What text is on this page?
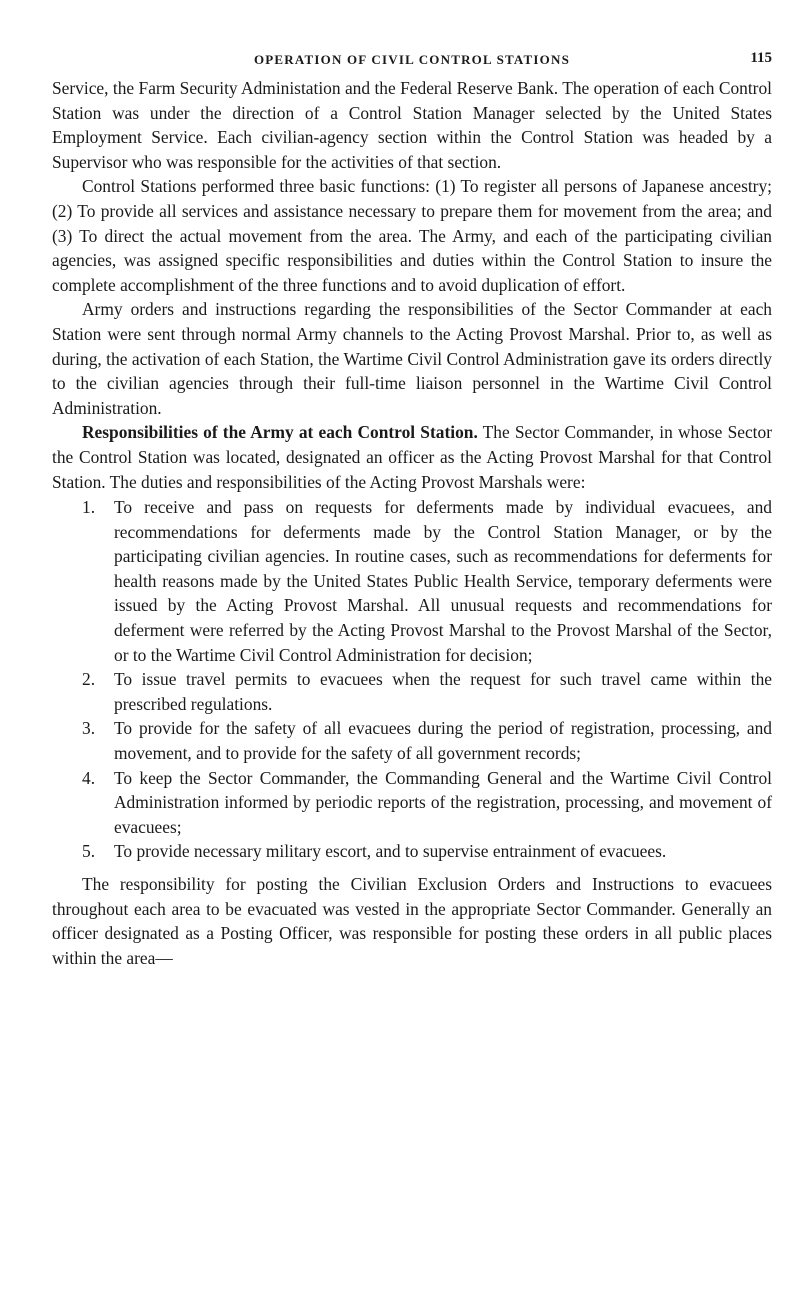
OPERATION OF CIVIL CONTROL STATIONS	115

Service, the Farm Security Administation and the Federal Reserve Bank. The operation of each Control Station was under the direction of a Control Station Manager selected by the United States Employment Service. Each civilian-agency section within the Control Station was headed by a Supervisor who was responsible for the activities of that section.

Control Stations performed three basic functions: (1) To register all persons of Japanese ancestry; (2) To provide all services and assistance necessary to prepare them for movement from the area; and (3) To direct the actual movement from the area. The Army, and each of the participating civilian agencies, was assigned specific responsibilities and duties within the Control Station to insure the complete accomplishment of the three functions and to avoid duplication of effort.

Army orders and instructions regarding the responsibilities of the Sector Commander at each Station were sent through normal Army channels to the Acting Provost Marshal. Prior to, as well as during, the activation of each Station, the Wartime Civil Control Administration gave its orders directly to the civilian agencies through their full-time liaison personnel in the Wartime Civil Control Administration.

Responsibilities of the Army at each Control Station. The Sector Commander, in whose Sector the Control Station was located, designated an officer as the Acting Provost Marshal for that Control Station. The duties and responsibilities of the Acting Provost Marshals were:

1. To receive and pass on requests for deferments made by individual evacuees, and recommendations for deferments made by the Control Station Manager, or by the participating civilian agencies. In routine cases, such as recommendations for deferments for health reasons made by the United States Public Health Service, temporary deferments were issued by the Acting Provost Marshal. All unusual requests and recommendations for deferment were referred by the Acting Provost Marshal to the Provost Marshal of the Sector, or to the Wartime Civil Control Administration for decision;
2. To issue travel permits to evacuees when the request for such travel came within the prescribed regulations.
3. To provide for the safety of all evacuees during the period of registration, processing, and movement, and to provide for the safety of all government records;
4. To keep the Sector Commander, the Commanding General and the Wartime Civil Control Administration informed by periodic reports of the registration, processing, and movement of evacuees;
5. To provide necessary military escort, and to supervise entrainment of evacuees.

The responsibility for posting the Civilian Exclusion Orders and Instructions to evacuees throughout each area to be evacuated was vested in the appropriate Sector Commander. Generally an officer designated as a Posting Officer, was responsible for posting these orders in all public places within the area—
